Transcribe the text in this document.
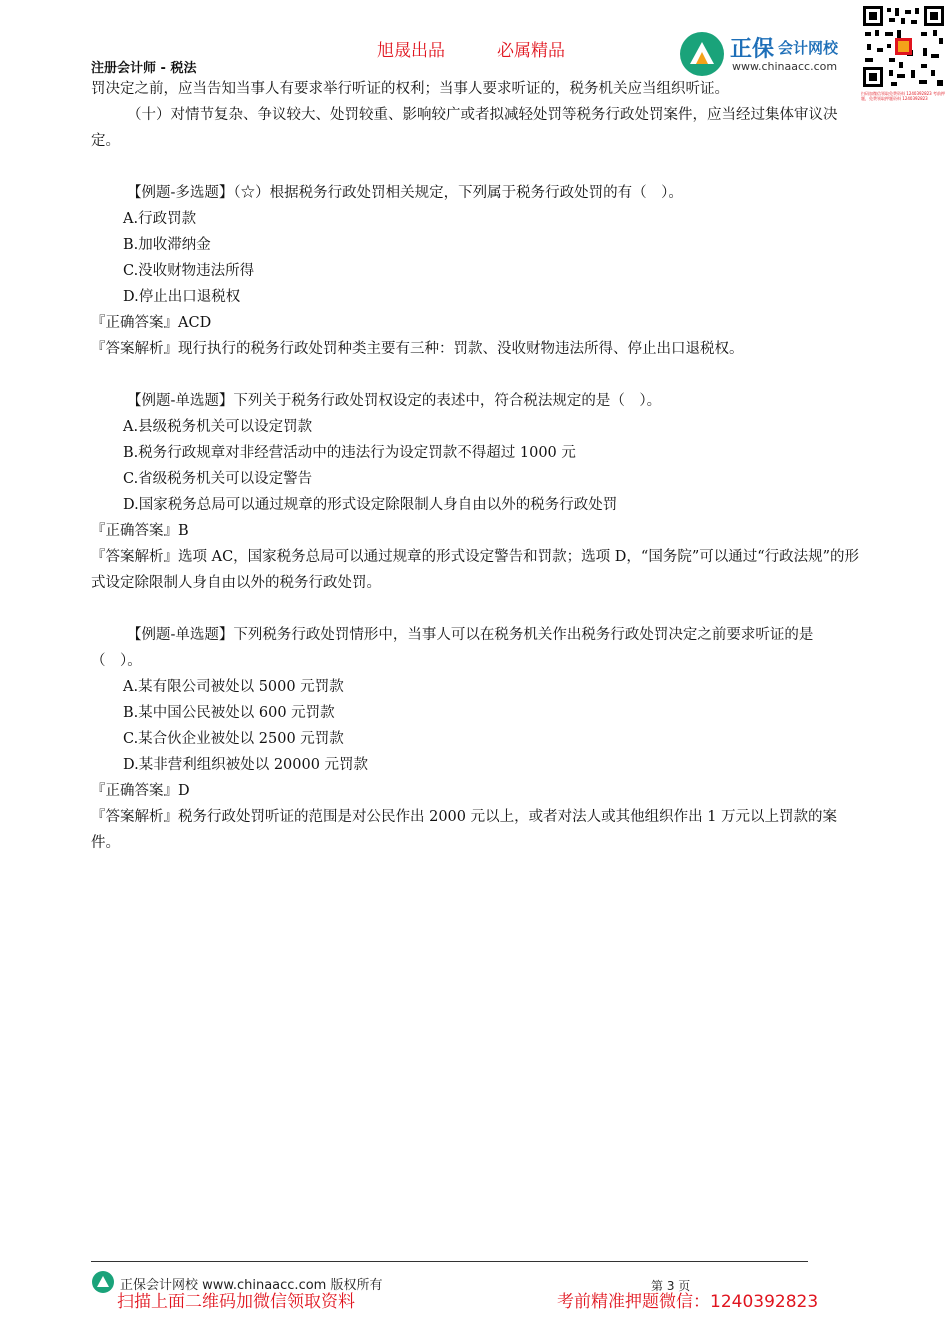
旭晟出品	必属精品
注册会计师 - 税法
正保 会计网校
www.chinaacc.com
扫码加微信领取免费资料 1240392823 考前押题，免费领取押题资料 1240392823

罚决定之前，应当告知当事人有要求举行听证的权利；当事人要求听证的，税务机关应当组织听证。

（十）对情节复杂、争议较大、处罚较重、影响较广或者拟减轻处罚等税务行政处罚案件，应当经过集体审议决定。

【例题-多选题】（☆）根据税务行政处罚相关规定，下列属于税务行政处罚的有（　）。

A.行政罚款

B.加收滞纳金

C.没收财物违法所得

D.停止出口退税权

『正确答案』ACD

『答案解析』现行执行的税务行政处罚种类主要有三种：罚款、没收财物违法所得、停止出口退税权。

【例题-单选题】下列关于税务行政处罚权设定的表述中，符合税法规定的是（　）。

A.县级税务机关可以设定罚款

B.税务行政规章对非经营活动中的违法行为设定罚款不得超过 1000 元

C.省级税务机关可以设定警告

D.国家税务总局可以通过规章的形式设定除限制人身自由以外的税务行政处罚

『正确答案』B

『答案解析』选项 AC，国家税务总局可以通过规章的形式设定警告和罚款；选项 D，“国务院”可以通过“行政法规”的形式设定除限制人身自由以外的税务行政处罚。

【例题-单选题】下列税务行政处罚情形中，当事人可以在税务机关作出税务行政处罚决定之前要求听证的是（　）。

A.某有限公司被处以 5000 元罚款

B.某中国公民被处以 600 元罚款

C.某合伙企业被处以 2500 元罚款

D.某非营利组织被处以 20000 元罚款

『正确答案』D

『答案解析』税务行政处罚听证的范围是对公民作出 2000 元以上，或者对法人或其他组织作出 1 万元以上罚款的案件。

正保会计网校 www.chinaacc.com 版权所有	第 3 页
扫描上面二维码加微信领取资料	考前精准押题微信：1240392823
